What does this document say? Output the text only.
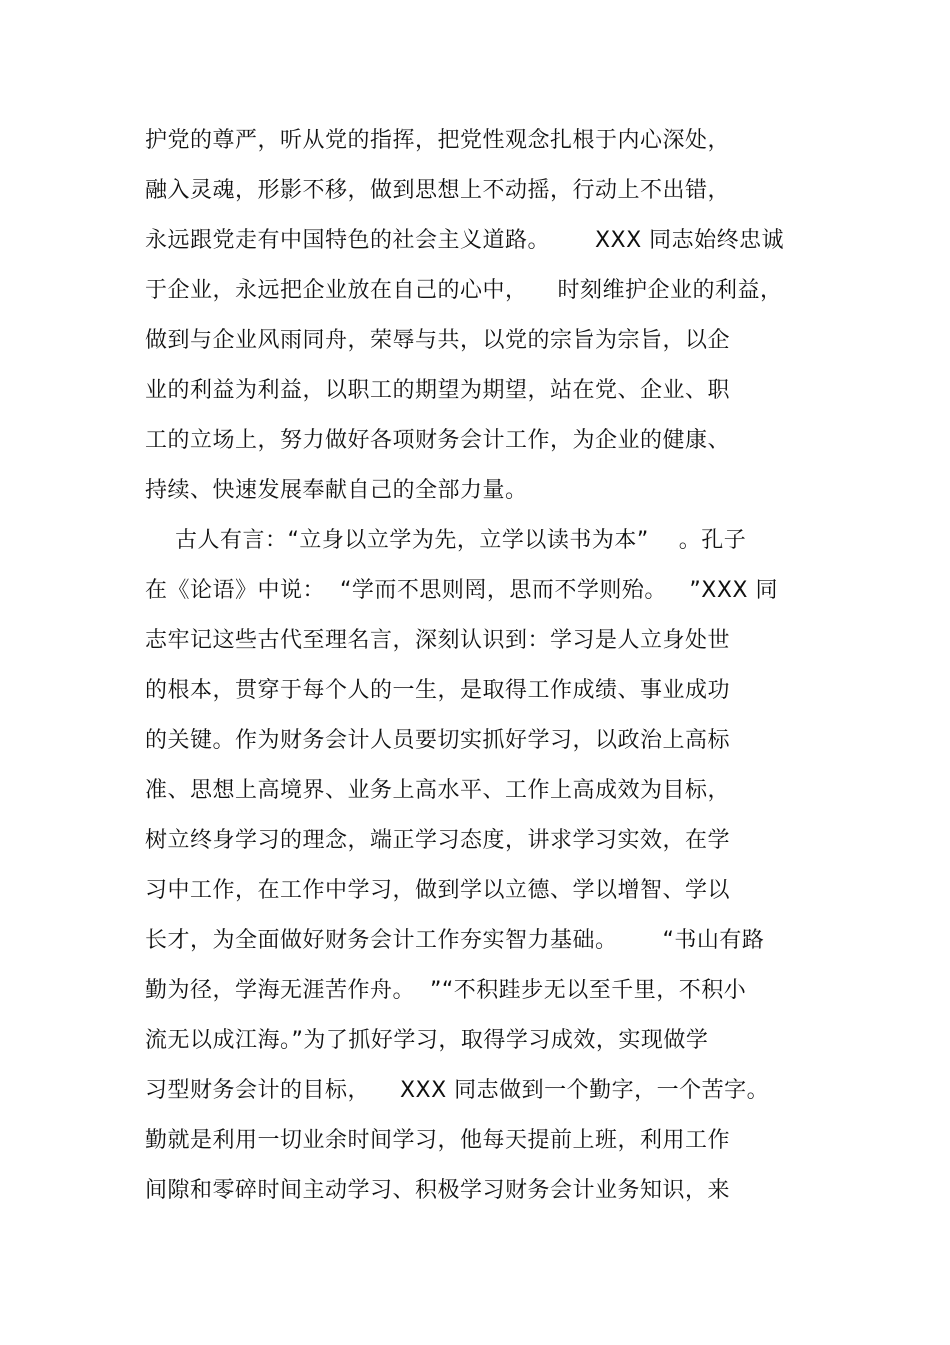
护党的尊严，听从党的指挥，把党性观念扎根于内心深处，
融入灵魂，形影不移，做到思想上不动摇，行动上不出错，
永远跟党走有中国特色的社会主义道路。      XXX 同志始终忠诚
于企业，永远把企业放在自己的心中，    时刻维护企业的利益，
做到与企业风雨同舟，荣辱与共，以党的宗旨为宗旨，以企
业的利益为利益，以职工的期望为期望，站在党、企业、职
工的立场上，努力做好各项财务会计工作，为企业的健康、
持续、快速发展奉献自己的全部力量。
古人有言：“立身以立学为先，立学以读书为本”    。孔子
在《论语》中说：  “学而不思则罔，思而不学则殆。   ”XXX 同
志牢记这些古代至理名言，深刻认识到：学习是人立身处世
的根本，贯穿于每个人的一生，是取得工作成绩、事业成功
的关键。作为财务会计人员要切实抓好学习，以政治上高标
准、思想上高境界、业务上高水平、工作上高成效为目标，
树立终身学习的理念，端正学习态度，讲求学习实效，在学
习中工作，在工作中学习，做到学以立德、学以增智、学以
长才，为全面做好财务会计工作夯实智力基础。      “书山有路
勤为径，学海无涯苦作舟。  ”“不积跬步无以至千里，不积小
流无以成江海。”为了抓好学习，取得学习成效，实现做学
习型财务会计的目标，    XXX 同志做到一个勤字，一个苦字。
勤就是利用一切业余时间学习，他每天提前上班，利用工作
间隙和零碎时间主动学习、积极学习财务会计业务知识，来
